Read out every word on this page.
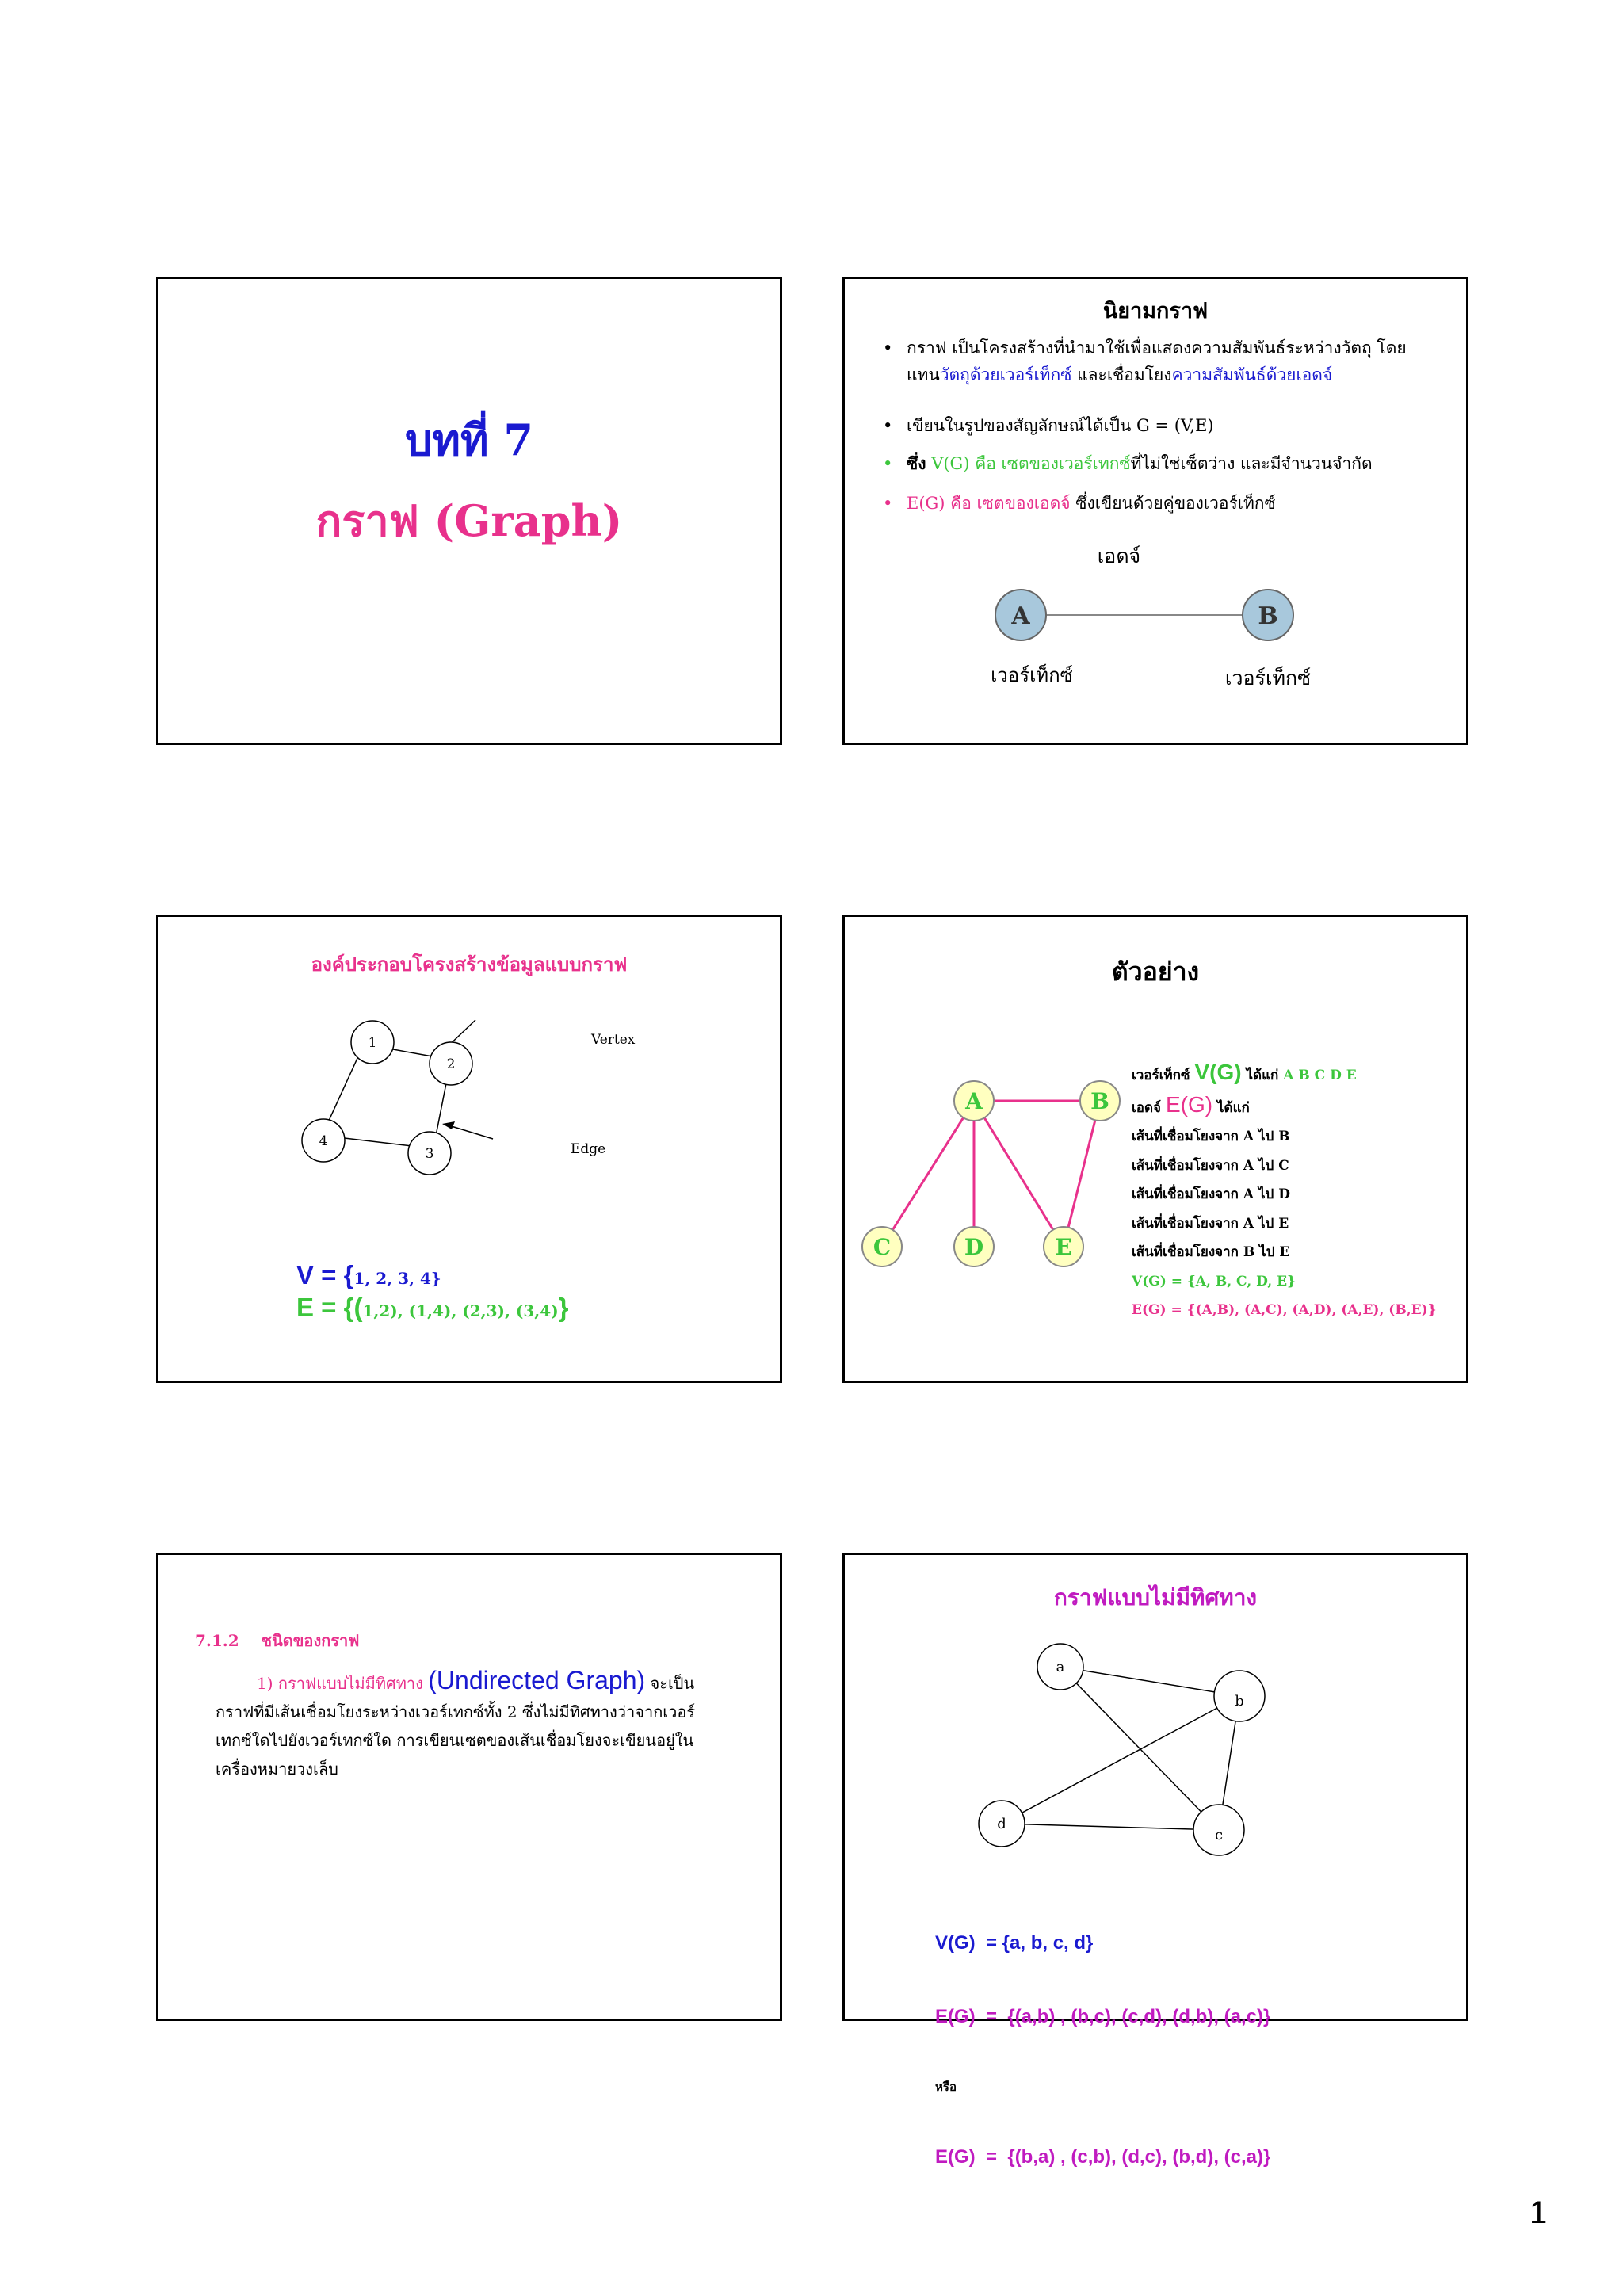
บทที่ 7
กราฟ (Graph)
นิยามกราฟ
• กราฟ เป็นโครงสร้างที่นำมาใช้เพื่อแสดงความสัมพันธ์ระหว่างวัตถุ โดย
แทนวัตถุด้วยเวอร์เท็กซ์ และเชื่อมโยงความสัมพันธ์ด้วยเอดจ์
• เขียนในรูปของสัญลักษณ์ได้เป็น G = (V,E)
• ซึ่ง V(G) คือ เซตของเวอร์เทกซ์ที่ไม่ใช่เซ็ตว่าง และมีจำนวนจำกัด
• E(G) คือ เซตของเอดจ์ ซึ่งเขียนด้วยคู่ของเวอร์เท็กซ์
A	B
เอดจ์
เวอร์เท็กซ์	เวอร์เท็กซ์
องค์ประกอบโครงสร้างข้อมูลแบบกราฟ
1
2
3
4
Vertex
Edge
V = {1, 2, 3, 4}
E = {(1,2), (1,4), (2,3), (3,4)}
ตัวอย่าง
A	B
C	D	E
เวอร์เท็กซ์ V(G) ได้แก่ A B C D E
เอดจ์ E(G) ได้แก่
เส้นที่เชื่อมโยงจาก A ไป B
เส้นที่เชื่อมโยงจาก A ไป C
เส้นที่เชื่อมโยงจาก A ไป D
เส้นที่เชื่อมโยงจาก A ไป E
เส้นที่เชื่อมโยงจาก B ไป E
V(G) = {A, B, C, D, E}
E(G) = {(A,B), (A,C), (A,D), (A,E), (B,E)}
7.1.2    ชนิดของกราฟ
1) กราฟแบบไม่มีทิศทาง (Undirected Graph) จะเป็น
กราฟที่มีเส้นเชื่อมโยงระหว่างเวอร์เทกซ์ทั้ง 2 ซึ่งไม่มีทิศทางว่าจากเวอร์
เทกซ์ใดไปยังเวอร์เทกซ์ใด การเขียนเซตของเส้นเชื่อมโยงจะเขียนอยู่ใน
เครื่องหมายวงเล็บ
กราฟแบบไม่มีทิศทาง
a
b
c
d

V(G)  = {a, b, c, d}

E(G)  =  {(a,b) , (b,c), (c,d), (d,b), (a,c)}

หรือ

E(G)  =  {(b,a) , (c,b), (d,c), (b,d), (c,a)}

1
